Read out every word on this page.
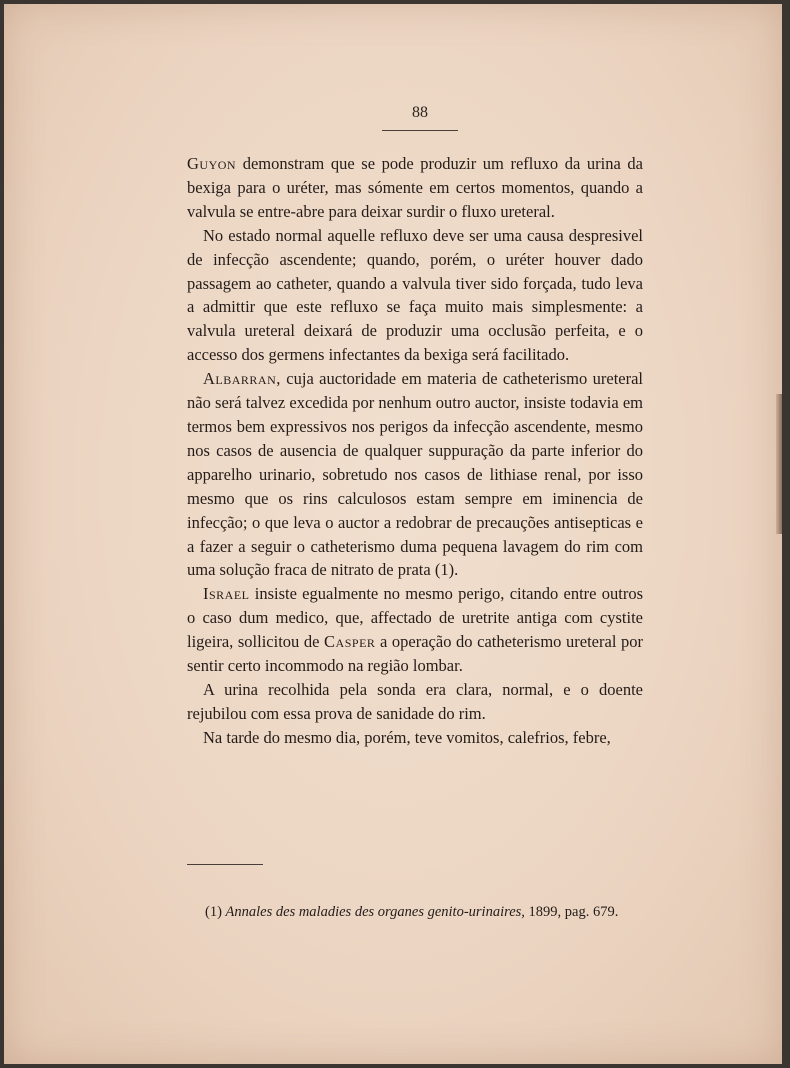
88

Guyon demonstram que se pode produzir um refluxo da urina da bexiga para o uréter, mas sómente em certos momentos, quando a valvula se entre-abre para deixar surdir o fluxo ureteral.

No estado normal aquelle refluxo deve ser uma causa despresivel de infecção ascendente; quando, porém, o uréter houver dado passagem ao catheter, quando a valvula tiver sido forçada, tudo leva a admittir que este refluxo se faça muito mais simplesmente: a valvula ureteral deixará de produzir uma occlusão perfeita, e o accesso dos germens infectantes da bexiga será facilitado.

Albarran, cuja auctoridade em materia de catheterismo ureteral não será talvez excedida por nenhum outro auctor, insiste todavia em termos bem expressivos nos perigos da infecção ascendente, mesmo nos casos de ausencia de qualquer suppuração da parte inferior do apparelho urinario, sobretudo nos casos de lithiase renal, por isso mesmo que os rins calculosos estam sempre em iminencia de infecção; o que leva o auctor a redobrar de precauções antisepticas e a fazer a seguir o catheterismo duma pequena lavagem do rim com uma solução fraca de nitrato de prata (1).

Israel insiste egualmente no mesmo perigo, citando entre outros o caso dum medico, que, affectado de uretrite antiga com cystite ligeira, sollicitou de Casper a operação do catheterismo ureteral por sentir certo incommodo na região lombar.

A urina recolhida pela sonda era clara, normal, e o doente rejubilou com essa prova de sanidade do rim.

Na tarde do mesmo dia, porém, teve vomitos, calefrios, febre,

(1) Annales des maladies des organes genito-urinaires, 1899, pag. 679.
